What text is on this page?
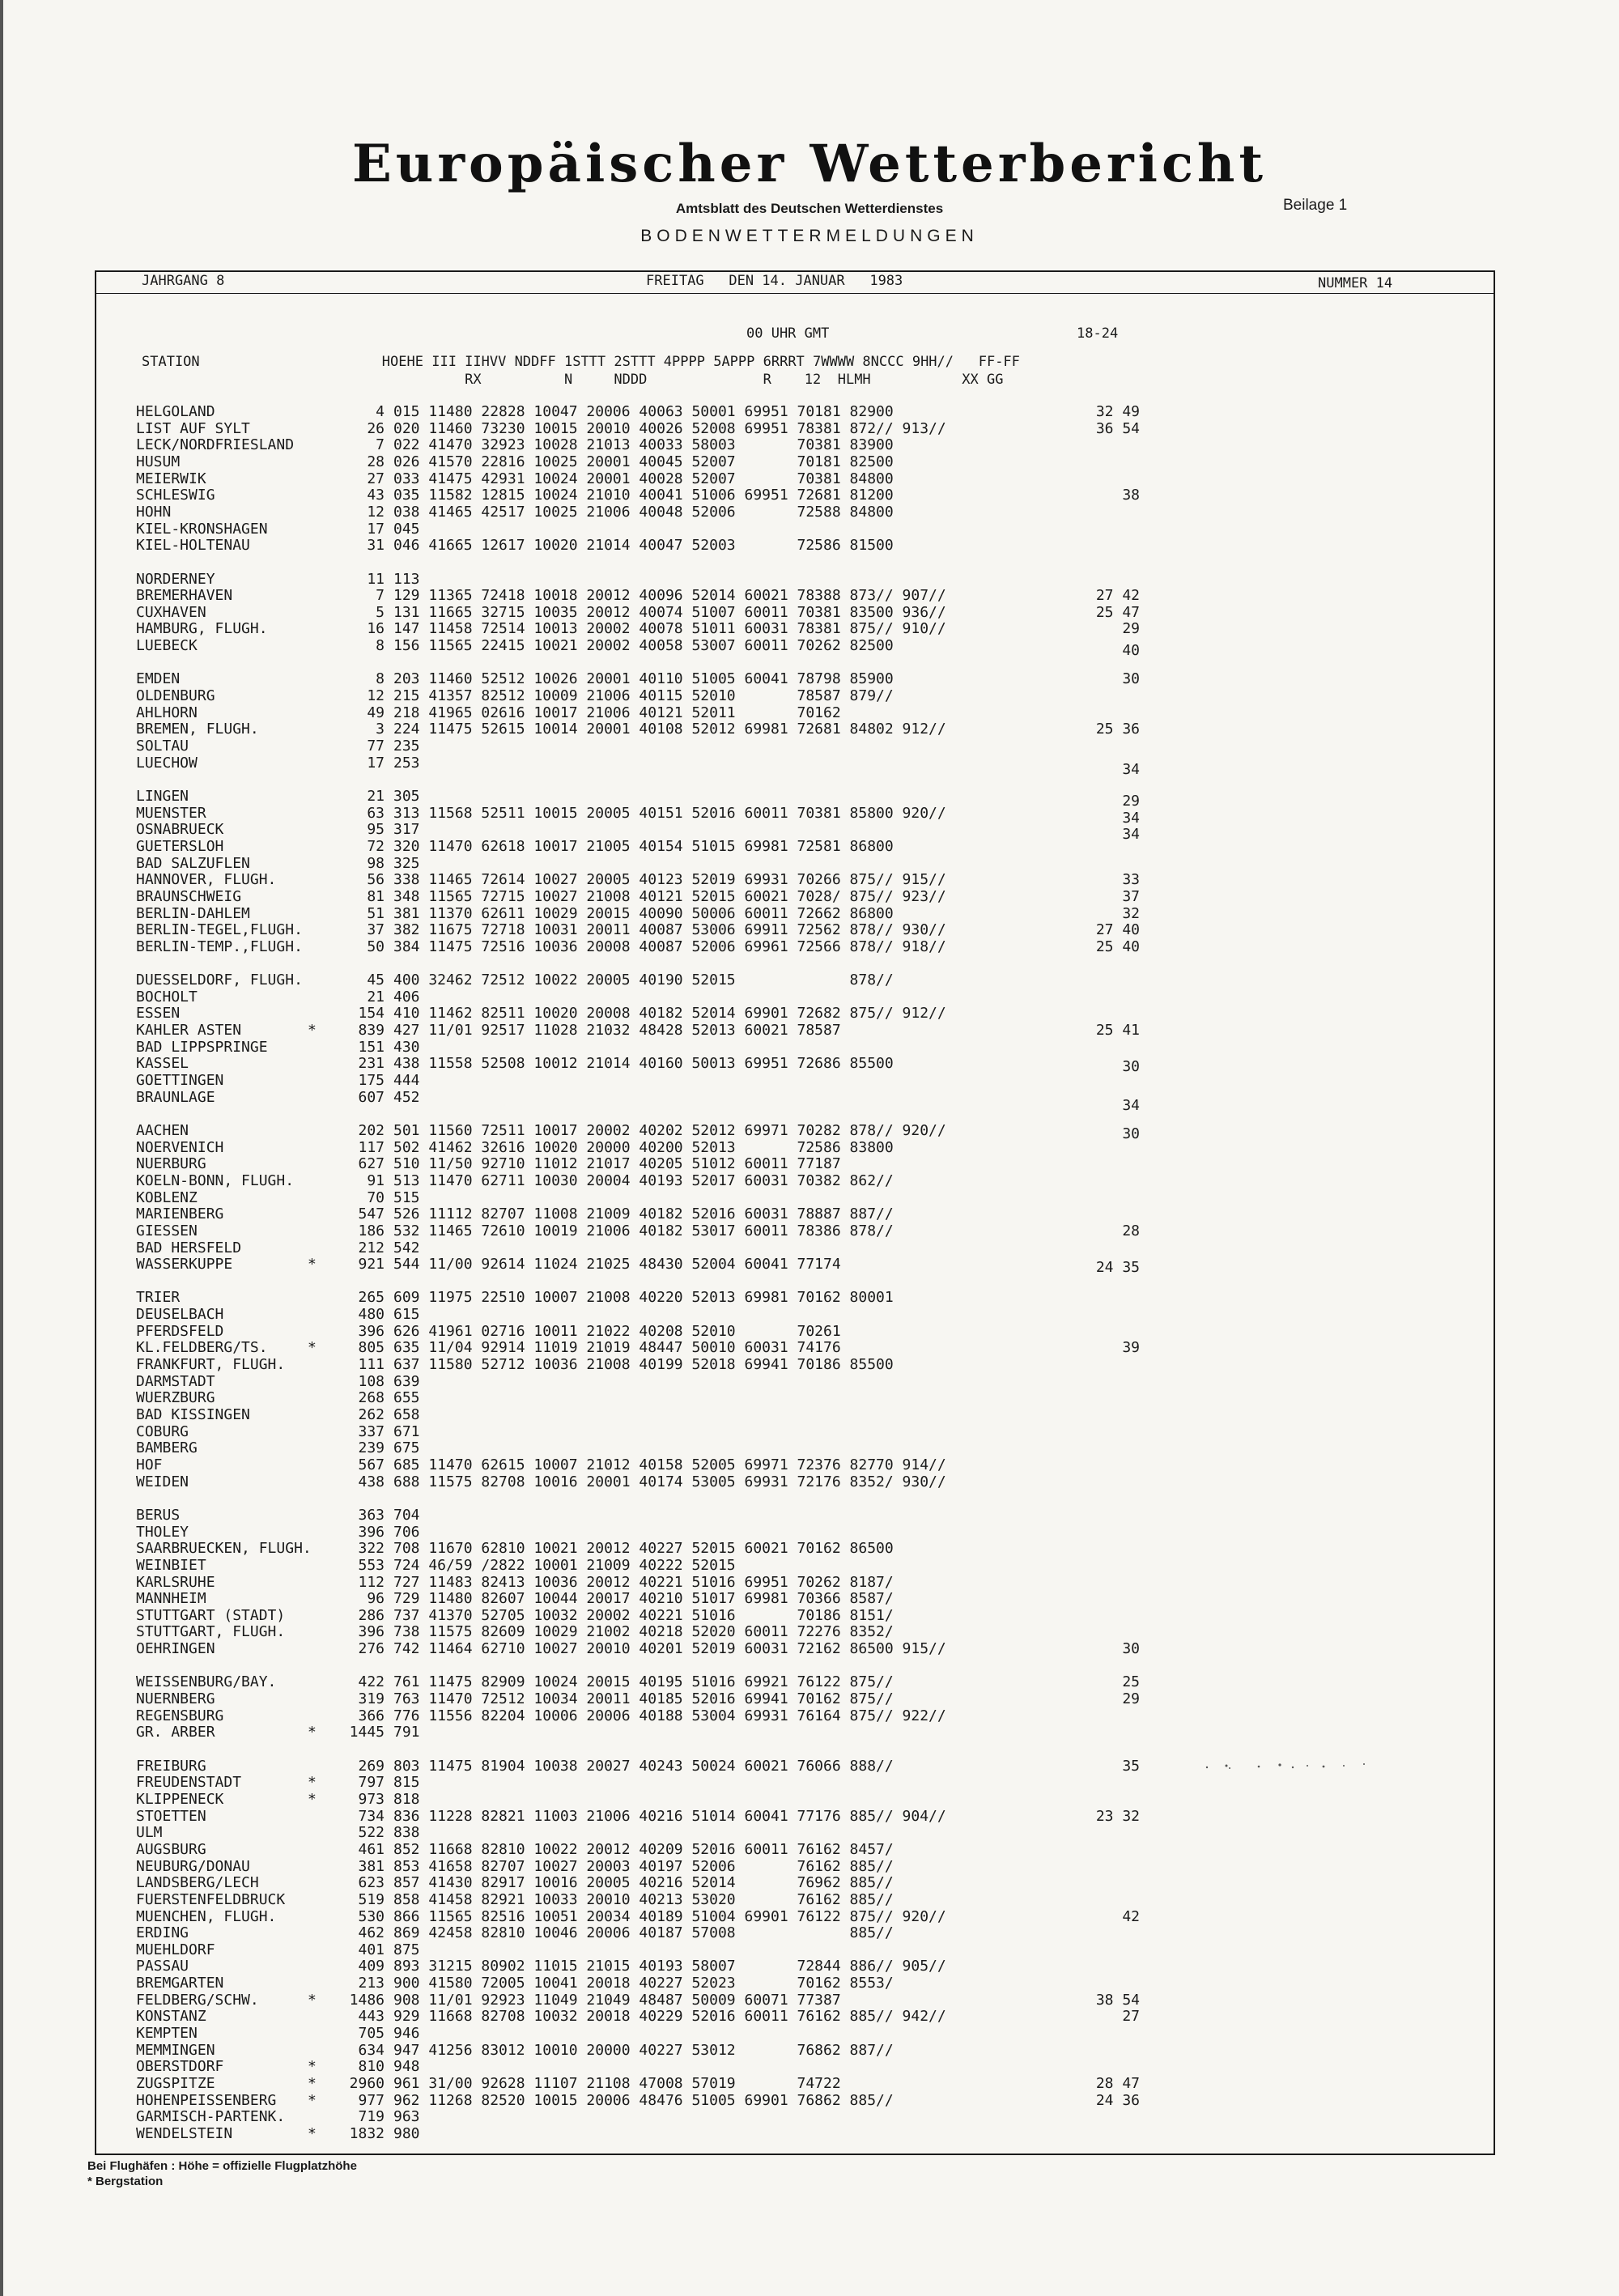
Europäischer Wetterbericht
Amtsblatt des Deutschen Wetterdienstes	Beilage 1
BODENWETTERMELDUNGEN
JAHRGANG 8	FREITAG   DEN 14. JANUAR   1983	NUMMER 14
00 UHR GMT	18-24
STATION                      HOEHE III IIHVV NDDFF 1STTT 2STTT 4PPPP 5APPP 6RRRT 7WWWW 8NCCC 9HH//   FF-FF
RX          N     NDDD              R    12  HLMH           XX GG
HELGOLAND	4 015 11480 22828 10047 20006 40063 50001 69951 70181 82900	32 49
LIST AUF SYLT	26 020 11460 73230 10015 20010 40026 52008 69951 78381 872// 913//	36 54
LECK/NORDFRIESLAND	7 022 41470 32923 10028 21013 40033 58003       70381 83900
HUSUM	28 026 41570 22816 10025 20001 40045 52007       70181 82500
MEIERWIK	27 033 41475 42931 10024 20001 40028 52007       70381 84800
SCHLESWIG	43 035 11582 12815 10024 21010 40041 51006 69951 72681 81200	38
HOHN	12 038 41465 42517 10025 21006 40048 52006       72588 84800
KIEL-KRONSHAGEN	17 045
KIEL-HOLTENAU	31 046 41665 12617 10020 21014 40047 52003       72586 81500
NORDERNEY	11 113
BREMERHAVEN	7 129 11365 72418 10018 20012 40096 52014 60021 78388 873// 907//	27 42
CUXHAVEN	5 131 11665 32715 10035 20012 40074 51007 60011 70381 83500 936//	25 47
HAMBURG, FLUGH.	16 147 11458 72514 10013 20002 40078 51011 60031 78381 875// 910//	29
LUEBECK	8 156 11565 22415 10021 20002 40058 53007 60011 70262 82500	40
EMDEN	8 203 11460 52512 10026 20001 40110 51005 60041 78798 85900	30
OLDENBURG	12 215 41357 82512 10009 21006 40115 52010       78587 879//
AHLHORN	49 218 41965 02616 10017 21006 40121 52011       70162
BREMEN, FLUGH.	3 224 11475 52615 10014 20001 40108 52012 69981 72681 84802 912//	25 36
SOLTAU	77 235
LUECHOW	17 253	34
LINGEN	21 305	29
MUENSTER	63 313 11568 52511 10015 20005 40151 52016 60011 70381 85800 920//	34
OSNABRUECK	95 317	34
GUETERSLOH	72 320 11470 62618 10017 21005 40154 51015 69981 72581 86800
BAD SALZUFLEN	98 325
HANNOVER, FLUGH.	56 338 11465 72614 10027 20005 40123 52019 69931 70266 875// 915//	33
BRAUNSCHWEIG	81 348 11565 72715 10027 21008 40121 52015 60021 7028/ 875// 923//	37
BERLIN-DAHLEM	51 381 11370 62611 10029 20015 40090 50006 60011 72662 86800	32
BERLIN-TEGEL,FLUGH.	37 382 11675 72718 10031 20011 40087 53006 69911 72562 878// 930//	27 40
BERLIN-TEMP.,FLUGH.	50 384 11475 72516 10036 20008 40087 52006 69961 72566 878// 918//	25 40
DUESSELDORF, FLUGH.	45 400 32462 72512 10022 20005 40190 52015             878//
BOCHOLT	21 406
ESSEN	154 410 11462 82511 10020 20008 40182 52014 69901 72682 875// 912//
KAHLER ASTEN	*	839 427 11/01 92517 11028 21032 48428 52013 60021 78587	25 41
BAD LIPPSPRINGE	151 430
KASSEL	231 438 11558 52508 10012 21014 40160 50013 69951 72686 85500	30
GOETTINGEN	175 444
BRAUNLAGE	607 452	34
AACHEN	202 501 11560 72511 10017 20002 40202 52012 69971 70282 878// 920//	30
NOERVENICH	117 502 41462 32616 10020 20000 40200 52013       72586 83800
NUERBURG	627 510 11/50 92710 11012 21017 40205 51012 60011 77187
KOELN-BONN, FLUGH.	91 513 11470 62711 10030 20004 40193 52017 60031 70382 862//
KOBLENZ	70 515
MARIENBERG	547 526 11112 82707 11008 21009 40182 52016 60031 78887 887//
GIESSEN	186 532 11465 72610 10019 21006 40182 53017 60011 78386 878//	28
BAD HERSFELD	212 542
WASSERKUPPE	*	921 544 11/00 92614 11024 21025 48430 52004 60041 77174	24 35
TRIER	265 609 11975 22510 10007 21008 40220 52013 69981 70162 80001
DEUSELBACH	480 615
PFERDSFELD	396 626 41961 02716 10011 21022 40208 52010       70261
KL.FELDBERG/TS.	*	805 635 11/04 92914 11019 21019 48447 50010 60031 74176	39
FRANKFURT, FLUGH.	111 637 11580 52712 10036 21008 40199 52018 69941 70186 85500
DARMSTADT	108 639
WUERZBURG	268 655
BAD KISSINGEN	262 658
COBURG	337 671
BAMBERG	239 675
HOF	567 685 11470 62615 10007 21012 40158 52005 69971 72376 82770 914//
WEIDEN	438 688 11575 82708 10016 20001 40174 53005 69931 72176 8352/ 930//
BERUS	363 704
THOLEY	396 706
SAARBRUECKEN, FLUGH.	322 708 11670 62810 10021 20012 40227 52015 60021 70162 86500
WEINBIET	553 724 46/59 /2822 10001 21009 40222 52015
KARLSRUHE	112 727 11483 82413 10036 20012 40221 51016 69951 70262 8187/
MANNHEIM	96 729 11480 82607 10044 20017 40210 51017 69981 70366 8587/
STUTTGART (STADT)	286 737 41370 52705 10032 20002 40221 51016       70186 8151/
STUTTGART, FLUGH.	396 738 11575 82609 10029 21002 40218 52020 60011 72276 8352/
OEHRINGEN	276 742 11464 62710 10027 20010 40201 52019 60031 72162 86500 915//	30
WEISSENBURG/BAY.	422 761 11475 82909 10024 20015 40195 51016 69921 76122 875//	25
NUERNBERG	319 763 11470 72512 10034 20011 40185 52016 69941 70162 875//	29
REGENSBURG	366 776 11556 82204 10006 20006 40188 53004 69931 76164 875// 922//
GR. ARBER	*	1445 791
FREIBURG	269 803 11475 81904 10038 20027 40243 50024 60021 76066 888//	35
FREUDENSTADT	*	797 815
KLIPPENECK	*	973 818
STOETTEN	734 836 11228 82821 11003 21006 40216 51014 60041 77176 885// 904//	23 32
ULM	522 838
AUGSBURG	461 852 11668 82810 10022 20012 40209 52016 60011 76162 8457/
NEUBURG/DONAU	381 853 41658 82707 10027 20003 40197 52006       76162 885//
LANDSBERG/LECH	623 857 41430 82917 10016 20005 40216 52014       76962 885//
FUERSTENFELDBRUCK	519 858 41458 82921 10033 20010 40213 53020       76162 885//
MUENCHEN, FLUGH.	530 866 11565 82516 10051 20034 40189 51004 69901 76122 875// 920//	42
ERDING	462 869 42458 82810 10046 20006 40187 57008             885//
MUEHLDORF	401 875
PASSAU	409 893 31215 80902 11015 21015 40193 58007       72844 886// 905//
BREMGARTEN	213 900 41580 72005 10041 20018 40227 52023       70162 8553/
FELDBERG/SCHW.	*	1486 908 11/01 92923 11049 21049 48487 50009 60071 77387	38 54
KONSTANZ	443 929 11668 82708 10032 20018 40229 52016 60011 76162 885// 942//	27
KEMPTEN	705 946
MEMMINGEN	634 947 41256 83012 10010 20000 40227 53012       76862 887//
OBERSTDORF	*	810 948
ZUGSPITZE	*	2960 961 31/00 92628 11107 21108 47008 57019       74722	28 47
HOHENPEISSENBERG *	977 962 11268 82520 10015 20006 48476 51005 69901 76862 885//	24 36
GARMISCH-PARTENK.	719 963
WENDELSTEIN	*	1832 980
Bei Flughäfen : Höhe = offizielle Flugplatzhöhe
* Bergstation
